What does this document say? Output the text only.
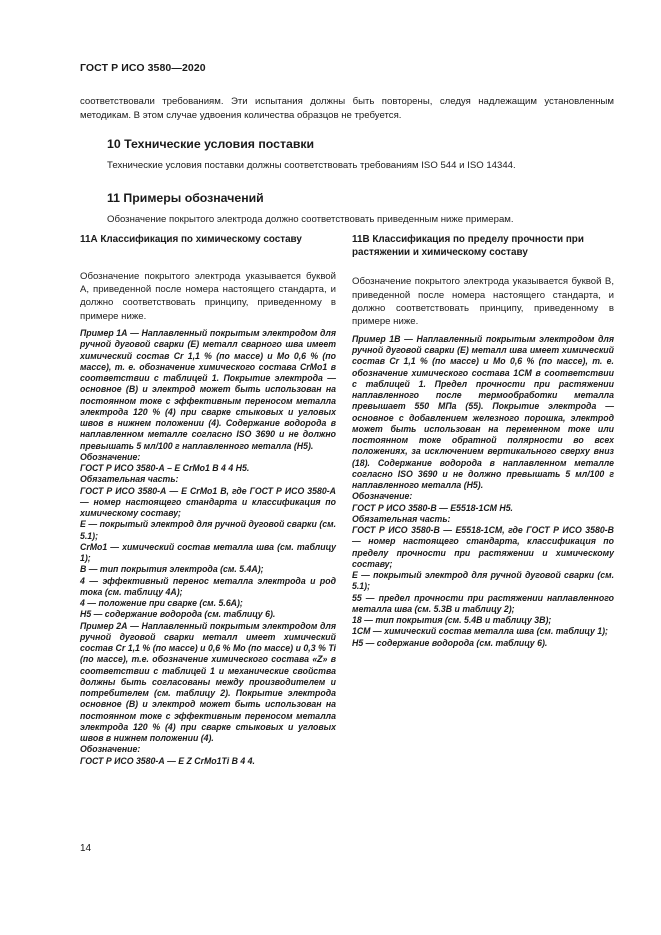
ГОСТ Р ИСО 3580—2020
соответствовали требованиям. Эти испытания должны быть повторены, следуя надлежащим установленным методикам. В этом случае удвоения количества образцов не требуется.
10 Технические условия поставки
Технические условия поставки должны соответствовать требованиям ISO 544 и ISO 14344.
11 Примеры обозначений
Обозначение покрытого электрода должно соответствовать приведенным ниже примерам.
11А Классификация по химическому составу
Обозначение покрытого электрода указывается буквой А, приведенной после номера настоящего стандарта, и должно соответствовать принципу, приведенному в примере ниже.
Пример 1А — Наплавленный покрытым электродом для ручной дуговой сварки (Е) металл сварного шва имеет химический состав Cr 1,1 % (по массе) и Mo 0,6 % (по массе), т. е. обозначение химического состава CrMo1 в соответствии с таблицей 1. Покрытие электрода — основное (B) и электрод может быть использован на постоянном токе с эффективным переносом металла электрода 120 % (4) при сварке стыковых и угловых швов в нижнем положении (4). Содержание водорода в наплавленном металле согласно ISO 3690 и не должно превышать 5 мл/100 г наплавленного металла (Н5).
Обозначение:
ГОСТ Р ИСО 3580-А – Е CrMo1 B 4 4 H5.
Обязательная часть:
ГОСТ Р ИСО 3580-А — Е CrMo1 B, где ГОСТ Р ИСО 3580-А — номер настоящего стандарта и классификация по химическому составу;
Е — покрытый электрод для ручной дуговой сварки (см. 5.1);
CrMo1 — химический состав металла шва (см. таблицу 1);
B — тип покрытия электрода (см. 5.4А);
4 — эффективный перенос металла электрода и род тока (см. таблицу 4А);
4 — положение при сварке (см. 5.6А);
H5 — содержание водорода (см. таблицу 6).
Пример 2А — Наплавленный покрытым электродом для ручной дуговой сварки металл имеет химический состав Cr 1,1 % (по массе) и 0,6 % Mo (по массе) и 0,3 % Ti (по массе), т.е. обозначение химического состава «Z» в соответствии с таблицей 1 и механические свойства должны быть согласованы между производителем и потребителем (см. таблицу 2). Покрытие электрода основное (B) и электрод может быть использован на постоянном токе с эффективным переносом металла электрода 120 % (4) при сварке стыковых и угловых швов в нижнем положении (4).
Обозначение:
ГОСТ Р ИСО 3580-А — Е Z CrMo1Ti B 4 4.
11В Классификация по пределу прочности при растяжении и химическому составу
Обозначение покрытого электрода указывается буквой В, приведенной после номера настоящего стандарта, и должно соответствовать принципу, приведенному в примере ниже.
Пример 1В — Наплавленный покрытым электродом для ручной дуговой сварки (Е) металл шва имеет химический состав Cr 1,1 % (по массе) и Mo 0,6 % (по массе), т. е. обозначение химического состава 1СМ в соответствии с таблицей 1. Предел прочности при растяжении наплавленного после термообработки металла превышает 550 МПа (55). Покрытие электрода — основное с добавлением железного порошка, электрод может быть использован на переменном токе или постоянном токе обратной полярности во всех положениях, за исключением вертикального сверху вниз (18). Содержание водорода в наплавленном металле согласно ISO 3690 и не должно превышать 5 мл/100 г наплавленного металла (Н5).
Обозначение:
ГОСТ Р ИСО 3580-В — Е5518-1СМ Н5.
Обязательная часть:
ГОСТ Р ИСО 3580-В — Е5518-1СМ, где ГОСТ Р ИСО 3580-В — номер настоящего стандарта, классификация по пределу прочности при растяжении и химическому составу;
Е — покрытый электрод для ручной дуговой сварки (см. 5.1);
55 — предел прочности при растяжении наплавленного металла шва (см. 5.3В и таблицу 2);
18 — тип покрытия (см. 5.4В и таблицу 3В);
1СМ — химический состав металла шва (см. таблицу 1);
Н5 — содержание водорода (см. таблицу 6).
14
